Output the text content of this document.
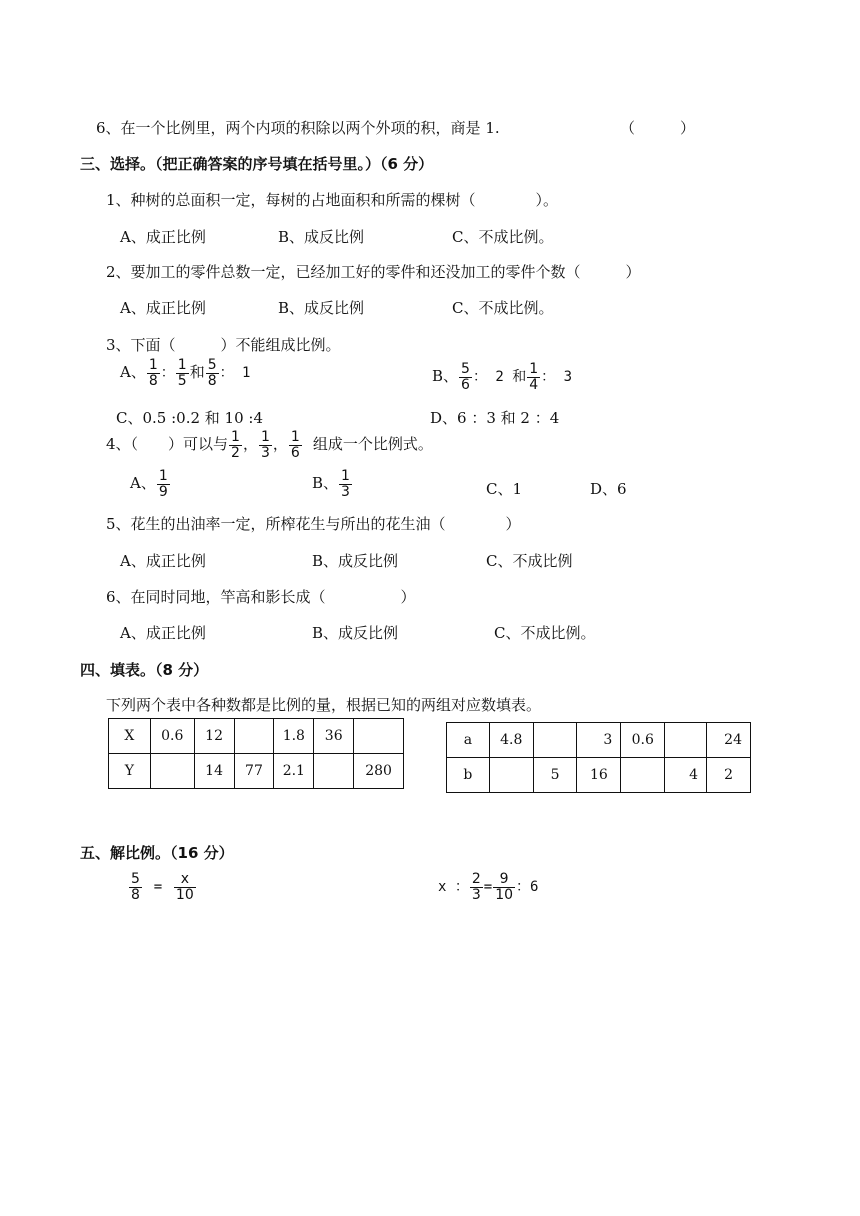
6、在一个比例里，两个内项的积除以两个外项的积，商是 1.	（　　　）
三、选择。（把正确答案的序号填在括号里。）（6 分）
1、种树的总面积一定，每树的占地面积和所需的棵树（　　　　）。
A、成正比例	B、成反比例	C、不成比例。
2、要加工的零件总数一定，已经加工好的零件和还没加工的零件个数（　　　）
A、成正比例	B、成反比例	C、不成比例。
3、下面（　　　）不能组成比例。
A、 $\frac{1}{8}$ ： $\frac{1}{5}$ 和 $\frac{5}{8}$ ： 1	B、 $\frac{5}{6}$ ： 2 和 $\frac{1}{4}$ ： 3
C、0.5 :0.2 和 10 :4	D、6 ：3 和 2 ：4
4、（　　）可以与 $\frac{1}{2}$ ， $\frac{1}{3}$ ， $\frac{1}{6}$ 组成一个比例式。
A、 $\frac{1}{9}$	B、 $\frac{1}{3}$	C、1	D、6
5、花生的出油率一定，所榨花生与所出的花生油（　　　　）
A、成正比例	B、成反比例	C、不成比例
6、在同时同地，竿高和影长成（　　　　　）
A、成正比例	B、成反比例	C、不成比例。
四、填表。（8 分）
下列两个表中各种数都是比例的量，根据已知的两组对应数填表。
X	0.6	12		1.8	36	
Y		14	77	2.1		280
a	4.8		3	0.6		24
b		5	16		4	2
五、解比例。（16 分）
$\frac{5}{8} = \frac{x}{10}$	x ： $\frac{2}{3} = \frac{9}{10}$ ：6
